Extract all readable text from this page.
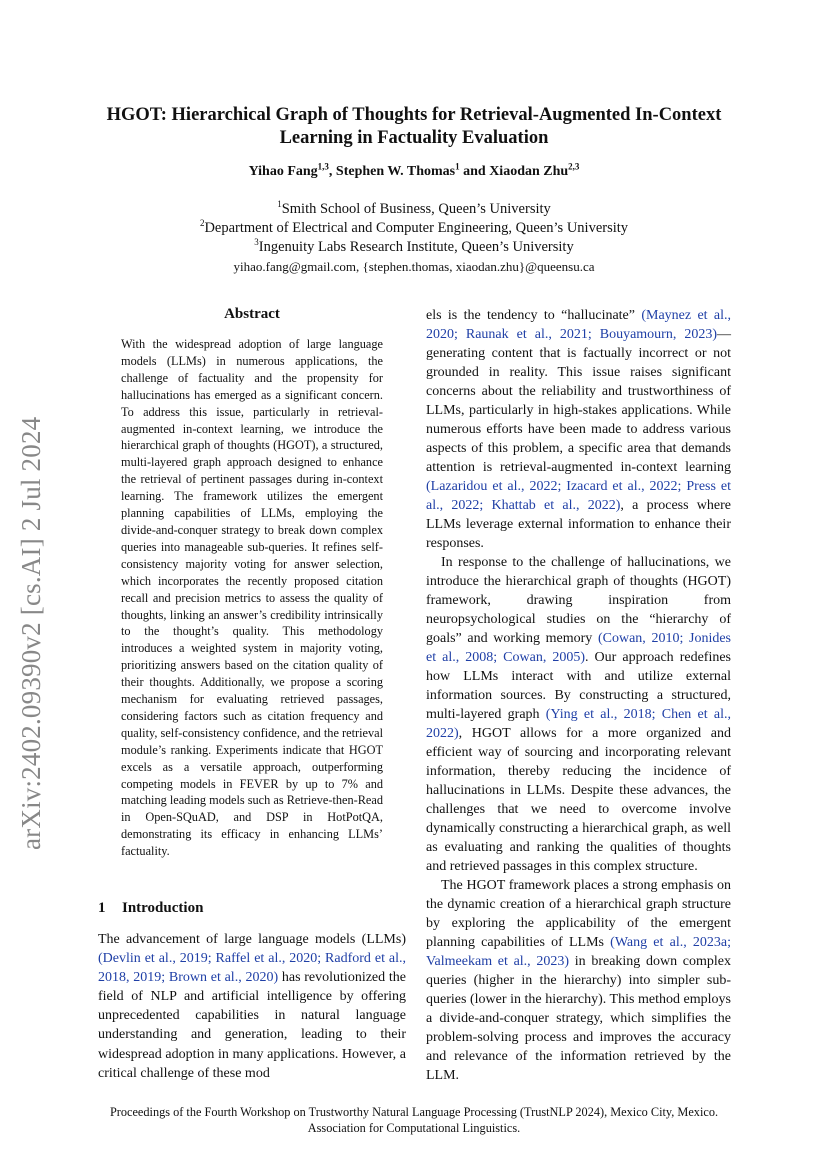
arXiv:2402.09390v2 [cs.AI] 2 Jul 2024
HGOT: Hierarchical Graph of Thoughts for Retrieval-Augmented In-Context Learning in Factuality Evaluation
Yihao Fang$^{1,3}$, Stephen W. Thomas$^1$ and Xiaodan Zhu$^{2,3}$
$^1$Smith School of Business, Queen’s University
$^2$Department of Electrical and Computer Engineering, Queen’s University
$^3$Ingenuity Labs Research Institute, Queen’s University
yihao.fang@gmail.com, {stephen.thomas, xiaodan.zhu}@queensu.ca
Abstract
With the widespread adoption of large language models (LLMs) in numerous applications, the challenge of factuality and the propensity for hallucinations has emerged as a significant concern. To address this issue, particularly in retrieval-augmented in-context learning, we introduce the hierarchical graph of thoughts (HGOT), a structured, multi-layered graph approach designed to enhance the retrieval of pertinent passages during in-context learning. The framework utilizes the emergent planning capabilities of LLMs, employing the divide-and-conquer strategy to break down complex queries into manageable sub-queries. It refines self-consistency majority voting for answer selection, which incorporates the recently proposed citation recall and precision metrics to assess the quality of thoughts, linking an answer’s credibility intrinsically to the thought’s quality. This methodology introduces a weighted system in majority voting, prioritizing answers based on the citation quality of their thoughts. Additionally, we propose a scoring mechanism for evaluating retrieved passages, considering factors such as citation frequency and quality, self-consistency confidence, and the retrieval module’s ranking. Experiments indicate that HGOT excels as a versatile approach, outperforming competing models in FEVER by up to 7% and matching leading models such as Retrieve-then-Read in Open-SQuAD, and DSP in HotPotQA, demonstrating its efficacy in enhancing LLMs’ factuality.
1 Introduction
The advancement of large language models (LLMs) (Devlin et al., 2019; Raffel et al., 2020; Radford et al., 2018, 2019; Brown et al., 2020) has revolutionized the field of NLP and artificial intelligence by offering unprecedented capabilities in natural language understanding and generation, leading to their widespread adoption in many applications. However, a critical challenge of these mod

els is the tendency to “hallucinate” (Maynez et al., 2020; Raunak et al., 2021; Bouyamourn, 2023)—generating content that is factually incorrect or not grounded in reality. This issue raises significant concerns about the reliability and trustworthiness of LLMs, particularly in high-stakes applications. While numerous efforts have been made to address various aspects of this problem, a specific area that demands attention is retrieval-augmented in-context learning (Lazaridou et al., 2022; Izacard et al., 2022; Press et al., 2022; Khattab et al., 2022), a process where LLMs leverage external information to enhance their responses.

In response to the challenge of hallucinations, we introduce the hierarchical graph of thoughts (HGOT) framework, drawing inspiration from neuropsychological studies on the “hierarchy of goals” and working memory (Cowan, 2010; Jonides et al., 2008; Cowan, 2005). Our approach redefines how LLMs interact with and utilize external information sources. By constructing a structured, multi-layered graph (Ying et al., 2018; Chen et al., 2022), HGOT allows for a more organized and efficient way of sourcing and incorporating relevant information, thereby reducing the incidence of hallucinations in LLMs. Despite these advances, the challenges that we need to overcome involve dynamically constructing a hierarchical graph, as well as evaluating and ranking the qualities of thoughts and retrieved passages in this complex structure.

The HGOT framework places a strong emphasis on the dynamic creation of a hierarchical graph structure by exploring the applicability of the emergent planning capabilities of LLMs (Wang et al., 2023a; Valmeekam et al., 2023) in breaking down complex queries (higher in the hierarchy) into simpler sub-queries (lower in the hierarchy). This method employs a divide-and-conquer strategy, which simplifies the problem-solving process and improves the accuracy and relevance of the information retrieved by the LLM.

Proceedings of the Fourth Workshop on Trustworthy Natural Language Processing (TrustNLP 2024), Mexico City, Mexico. Association for Computational Linguistics.
